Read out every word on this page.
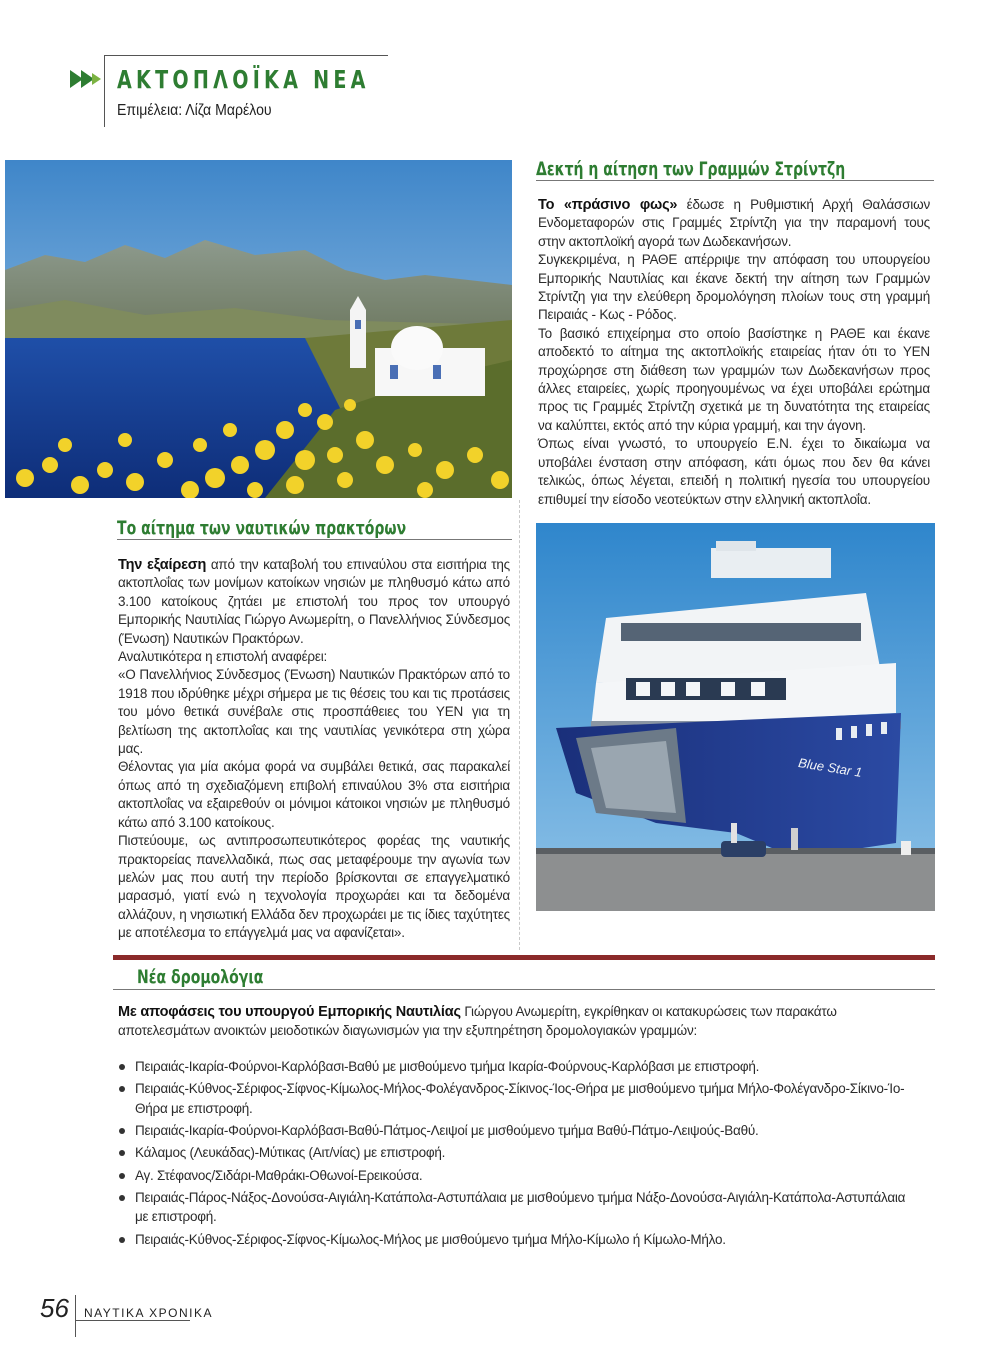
ΑΚΤΟΠΛΟΪΚΑ ΝΕΑ
Επιμέλεια: Λίζα Μαρέλου
Δεκτή η αίτηση των Γραμμών Στρίντζη

Το «πράσινο φως» έδωσε η Ρυθμιστική Αρχή Θαλάσσιων Ενδομεταφορών στις Γραμμές Στρίντζη για την παραμονή τους στην ακτοπλοϊκή αγορά των Δωδεκανήσων.

Συγκεκριμένα, η ΡΑΘΕ απέρριψε την απόφαση του υπουργείου Εμπορικής Ναυτιλίας και έκανε δεκτή την αίτηση των Γραμμών Στρίντζη για την ελεύθερη δρομολόγηση πλοίων τους στη γραμμή Πειραιάς - Κως - Ρόδος.

Το βασικό επιχείρημα στο οποίο βασίστηκε η ΡΑΘΕ και έκανε αποδεκτό το αίτημα της ακτοπλοϊκής εταιρείας ήταν ότι το ΥΕΝ προχώρησε στη διάθεση των γραμμών των Δωδεκανήσων προς άλλες εταιρείες, χωρίς προηγουμένως να έχει υποβάλει ερώτημα προς τις Γραμμές Στρίντζη σχετικά με τη δυνατότητα της εταιρείας να καλύπτει, εκτός από την κύρια γραμμή, και την άγονη.

Όπως είναι γνωστό, το υπουργείο Ε.Ν. έχει το δικαίωμα να υποβάλει ένσταση στην απόφαση, κάτι όμως που δεν θα κάνει τελικώς, όπως λέγεται, επειδή η πολιτική ηγεσία του υπουργείου επιθυμεί την είσοδο νεοτεύκτων στην ελληνική ακτοπλοΐα.

Το αίτημα των ναυτικών πρακτόρων

Την εξαίρεση από την καταβολή του επιναύλου στα εισιτήρια της ακτοπλοΐας των μονίμων κατοίκων νησιών με πληθυσμό κάτω από 3.100 κατοίκους ζητάει με επιστολή του προς τον υπουργό Εμπορικής Ναυτιλίας Γιώργο Ανωμερίτη, ο Πανελλήνιος Σύνδεσμος (Ένωση) Ναυτικών Πρακτόρων.

Αναλυτικότερα η επιστολή αναφέρει:

«Ο Πανελλήνιος Σύνδεσμος (Ένωση) Ναυτικών Πρακτόρων από το 1918 που ιδρύθηκε μέχρι σήμερα με τις θέσεις του και τις προτάσεις του μόνο θετικά συνέβαλε στις προσπάθειες του ΥΕΝ για τη βελτίωση της ακτοπλοΐας και της ναυτιλίας γενικότερα στη χώρα μας.

Θέλοντας για μία ακόμα φορά να συμβάλει θετικά, σας παρακαλεί όπως από τη σχεδιαζόμενη επιβολή επιναύλου 3% στα εισιτήρια ακτοπλοΐας να εξαιρεθούν οι μόνιμοι κάτοικοι νησιών με πληθυσμό κάτω από 3.100 κατοίκους.

Πιστεύουμε, ως αντιπροσωπευτικότερος φορέας της ναυτικής πρακτορείας πανελλαδικά, πως σας μεταφέρουμε την αγωνία των μελών μας που αυτή την περίοδο βρίσκονται σε επαγγελματικό μαρασμό, γιατί ενώ η τεχνολογία προχωράει και τα δεδομένα αλλάζουν, η νησιωτική Ελλάδα δεν προχωράει με τις ίδιες ταχύτητες με αποτέλεσμα το επάγγελμά μας να αφανίζεται».

Blue Star 1
Νέα δρομολόγια
Με αποφάσεις του υπουργού Εμπορικής Ναυτιλίας Γιώργου Ανωμερίτη, εγκρίθηκαν οι κατακυρώσεις των παρακάτω αποτελεσμάτων ανοικτών μειοδοτικών διαγωνισμών για την εξυπηρέτηση δρομολογιακών γραμμών:
Πειραιάς-Ικαρία-Φούρνοι-Καρλόβασι-Βαθύ με μισθούμενο τμήμα Ικαρία-Φούρνους-Καρλόβασι με επιστροφή.
Πειραιάς-Κύθνος-Σέριφος-Σίφνος-Κίμωλος-Μήλος-Φολέγανδρος-Σίκινος-Ίος-Θήρα με μισθούμενο τμήμα Μήλο-Φολέγανδρο-Σίκινο-Ίο-Θήρα με επιστροφή.
Πειραιάς-Ικαρία-Φούρνοι-Καρλόβασι-Βαθύ-Πάτμος-Λειψοί με μισθούμενο τμήμα Βαθύ-Πάτμο-Λειψούς-Βαθύ.
Κάλαμος (Λευκάδας)-Μύτικας (Αιτ/νίας) με επιστροφή.
Αγ. Στέφανος/Σιδάρι-Μαθράκι-Οθωνοί-Ερεικούσα.
Πειραιάς-Πάρος-Νάξος-Δονούσα-Αιγιάλη-Κατάπολα-Αστυπάλαια με μισθούμενο τμήμα Νάξο-Δονούσα-Αιγιάλη-Κατάπολα-Αστυπάλαια με επιστροφή.
Πειραιάς-Κύθνος-Σέριφος-Σίφνος-Κίμωλος-Μήλος με μισθούμενο τμήμα Μήλο-Κίμωλο ή Κίμωλο-Μήλο.
56 ΝΑΥΤΙΚΑ ΧΡΟΝΙΚΑ
